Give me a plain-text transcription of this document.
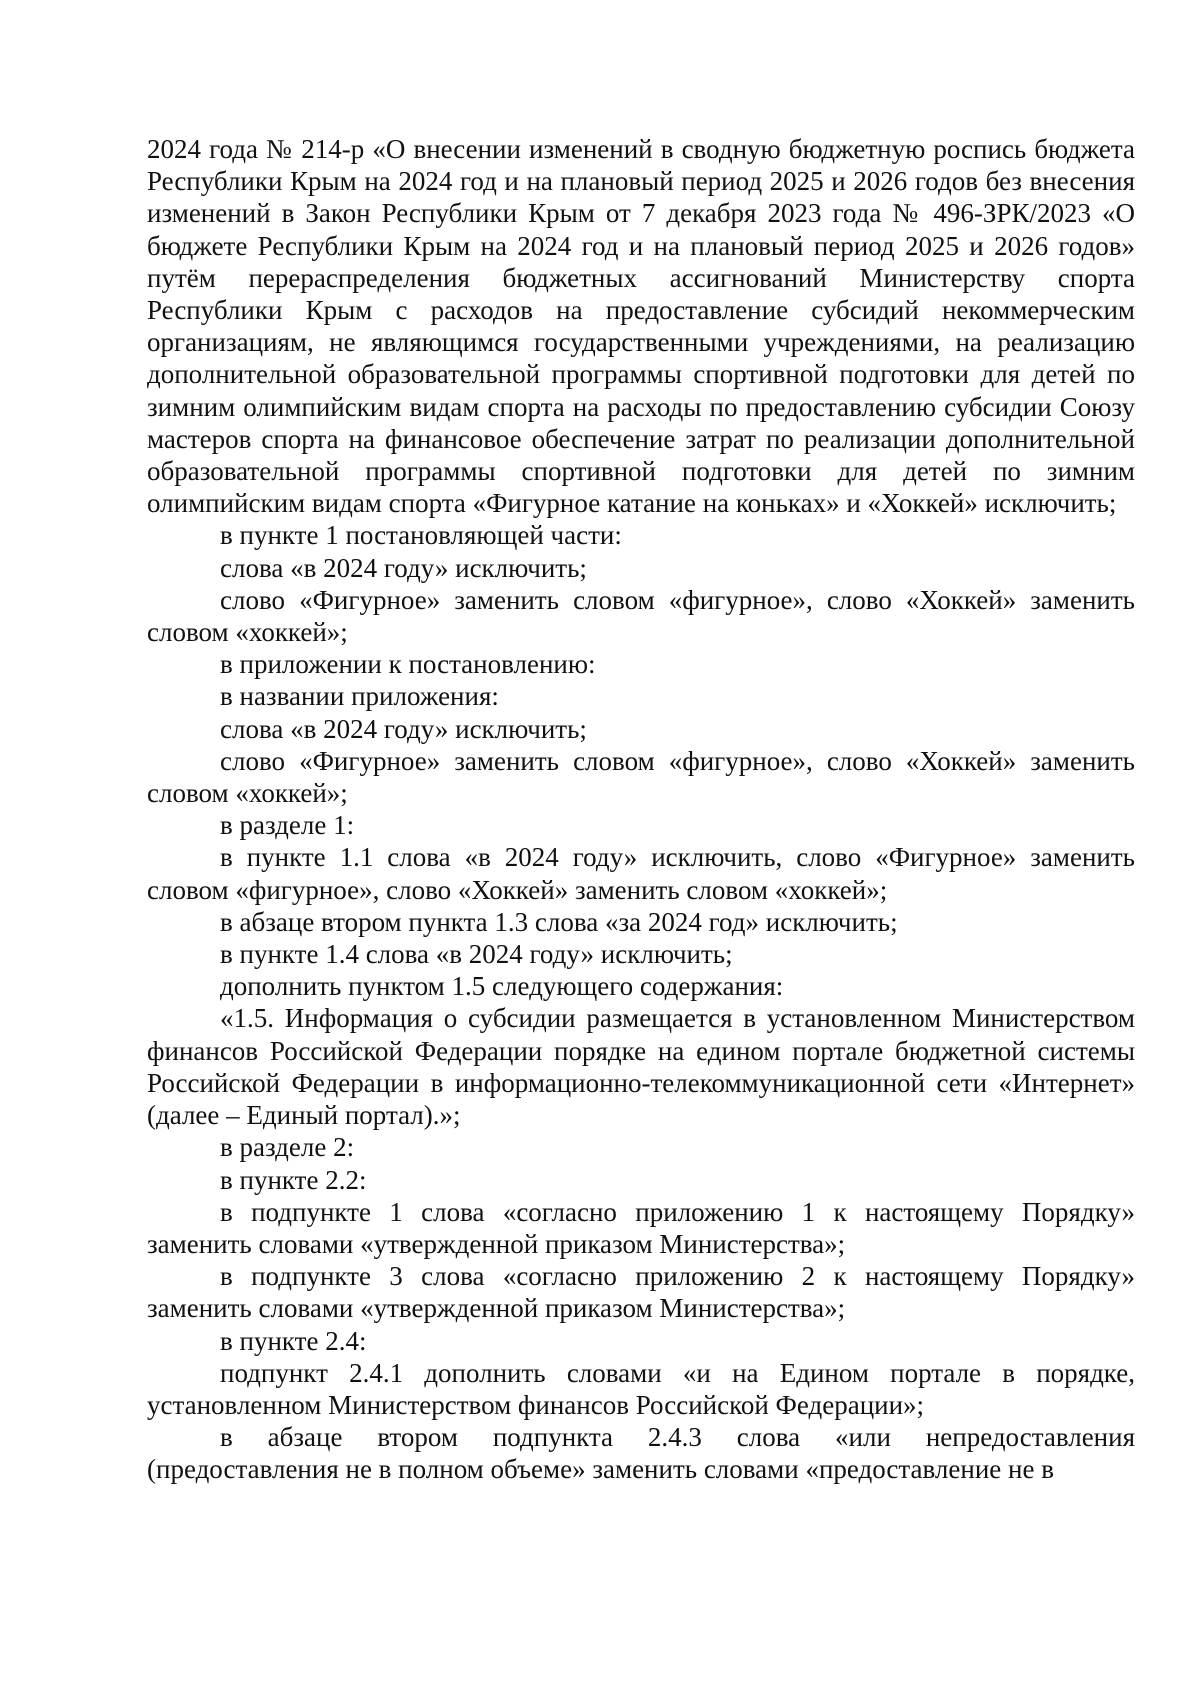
2024 года № 214-р «О внесении изменений в сводную бюджетную роспись бюджета Республики Крым на 2024 год и на плановый период 2025 и 2026 годов без внесения изменений в Закон Республики Крым от 7 декабря 2023 года № 496-ЗРК/2023 «О бюджете Республики Крым на 2024 год и на плановый период 2025 и 2026 годов» путём перераспределения бюджетных ассигнований Министерству спорта Республики Крым с расходов на предоставление субсидий некоммерческим организациям, не являющимся государственными учреждениями, на реализацию дополнительной образовательной программы спортивной подготовки для детей по зимним олимпийским видам спорта на расходы по предоставлению субсидии Союзу мастеров спорта на финансовое обеспечение затрат по реализации дополнительной образовательной программы спортивной подготовки для детей по зимним олимпийским видам спорта «Фигурное катание на коньках» и «Хоккей» исключить;

в пункте 1 постановляющей части:

слова «в 2024 году» исключить;

слово «Фигурное» заменить словом «фигурное», слово «Хоккей» заменить словом «хоккей»;

в приложении к постановлению:

в названии приложения:

слова «в 2024 году» исключить;

слово «Фигурное» заменить словом «фигурное», слово «Хоккей» заменить словом «хоккей»;

в разделе 1:

в пункте 1.1 слова «в 2024 году» исключить, слово «Фигурное» заменить словом «фигурное», слово «Хоккей» заменить словом «хоккей»;

в абзаце втором пункта 1.3 слова «за 2024 год» исключить;

в пункте 1.4 слова «в 2024 году» исключить;

дополнить пунктом 1.5 следующего содержания:

«1.5. Информация о субсидии размещается в установленном Министерством финансов Российской Федерации порядке на едином портале бюджетной системы Российской Федерации в информационно-телекоммуникационной сети «Интернет» (далее – Единый портал).»;

в разделе 2:

в пункте 2.2:

в подпункте 1 слова «согласно приложению 1 к настоящему Порядку» заменить словами «утвержденной приказом Министерства»;

в подпункте 3 слова «согласно приложению 2 к настоящему Порядку» заменить словами «утвержденной приказом Министерства»;

в пункте 2.4:

подпункт 2.4.1 дополнить словами «и на Едином портале в порядке, установленном Министерством финансов Российской Федерации»;

в абзаце втором подпункта 2.4.3 слова «или непредоставления (предоставления не в полном объеме» заменить словами «предоставление не в
